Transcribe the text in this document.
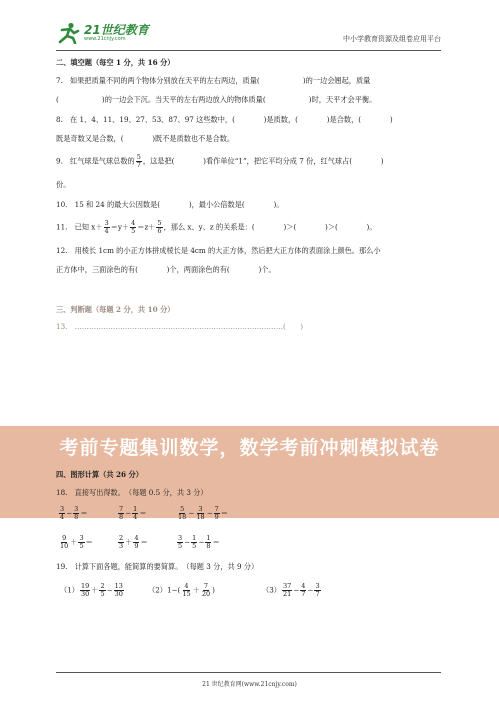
21世纪教育
www.21cnjy.com	中小学教育资源及组卷应用平台
二、填空题（每空 1 分，共 16 分）
7.　如果把质量不同的两个物体分别放在天平的左右两边，质量(　　　　　　)的一边会翘起，质量
(　　　　　　)的一边会下沉。当天平的左右两边放入的物体质量(　　　　　　)时，天平才会平衡。
8.　在 1、4、11、19、27、53、87、97 这些数中，(　　　　)是质数，(　　　　)是合数，(　　　　)
既是奇数又是合数，(　　　　)既不是质数也不是合数。
9.　红气球是气球总数的 $\frac{5}{7}$ ，这是把(　　　　)看作单位“1”，把它平均分成 7 份，红气球占(　　　　)
份。
10.　15 和 24 的最大公因数是(　　　　)，最小公倍数是(　　　　)。
11.　已知 $x+ \frac{3}{4} =y+ \frac{4}{5} =z+ \frac{5}{6}$ ，那么 x、y、z 的关系是：(　　　　)＞(　　　　)＞(　　　　)。
12.　用棱长 1cm 的小正方体拼成棱长是 4cm 的大正方体，然后把大正方体的表面涂上颜色。那么小
正方体中，三面涂色的有(　　　　)个，两面涂色的有(　　　　)个。
三、判断题（每题 2 分，共 10 分）
13.　……………………………………………………………………………(　　)
考前专题集训数学，数学考前冲刺模拟试卷
四、图形计算（共 26 分）
18.　直接写出得数。　（每题 0.5 分，共 3 分）
$\frac{3}{4} - \frac{3}{8}$ ＝	$\frac{7}{8} - \frac{1}{4}$ ＝	$\frac{5}{18} - \frac{3}{18} - \frac{7}{9}$ ＝
$\frac{9}{10} + \frac{3}{5}$ ＝	$\frac{2}{3} + \frac{4}{9}$ ＝	$\frac{3}{5} - \frac{1}{5} - \frac{1}{8}$ ＝
19.　计算下面各题，能简算的要简算。　（每题 3 分，共 9 分）
$(1) \frac{19}{30} + \frac{2}{5} - \frac{13}{30}$	$(2)1-( \frac{4}{15} + \frac{7}{20}$ )	$(3) \frac{37}{21} - \frac{4}{7} - \frac{3}{7}$
21 世纪教育网(www.21cnjy.com)
